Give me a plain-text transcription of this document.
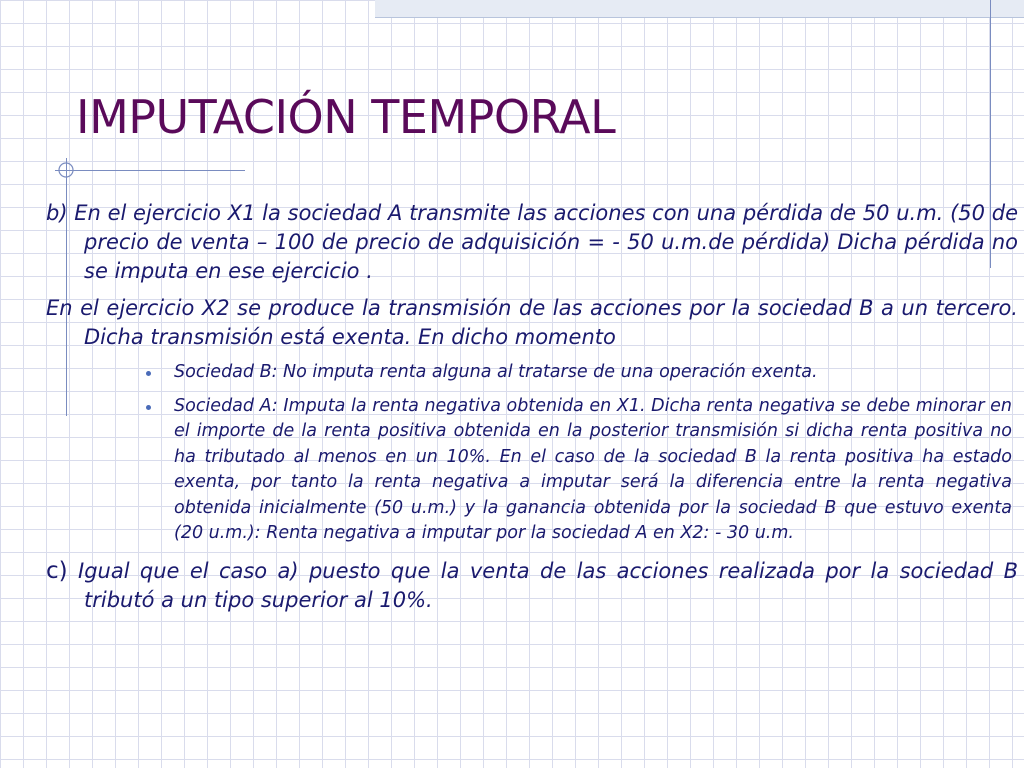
IMPUTACIÓN TEMPORAL

b) En el ejercicio X1 la sociedad A transmite las acciones con una pérdida de 50 u.m. (50 de precio de venta – 100 de precio de adquisición = - 50 u.m.de pérdida) Dicha pérdida no se imputa en ese ejercicio .

En el ejercicio X2 se produce la transmisión de las acciones por la sociedad B a un tercero. Dicha transmisión está exenta. En dicho momento

Sociedad B: No imputa renta alguna al tratarse de una operación exenta.
Sociedad A: Imputa la renta negativa obtenida en X1. Dicha renta negativa se debe minorar en el importe de la renta positiva obtenida en la posterior transmisión si dicha renta positiva no ha tributado al menos en un 10%. En el caso de la sociedad B la renta positiva ha estado exenta, por tanto la renta negativa a imputar será la diferencia entre la renta negativa obtenida inicialmente (50 u.m.) y la ganancia obtenida por la sociedad B que estuvo exenta (20 u.m.): Renta negativa a imputar por la sociedad A en X2: - 30 u.m.

c) Igual que el caso a) puesto que la venta de las acciones realizada por la sociedad B tributó a un tipo superior al 10%.
